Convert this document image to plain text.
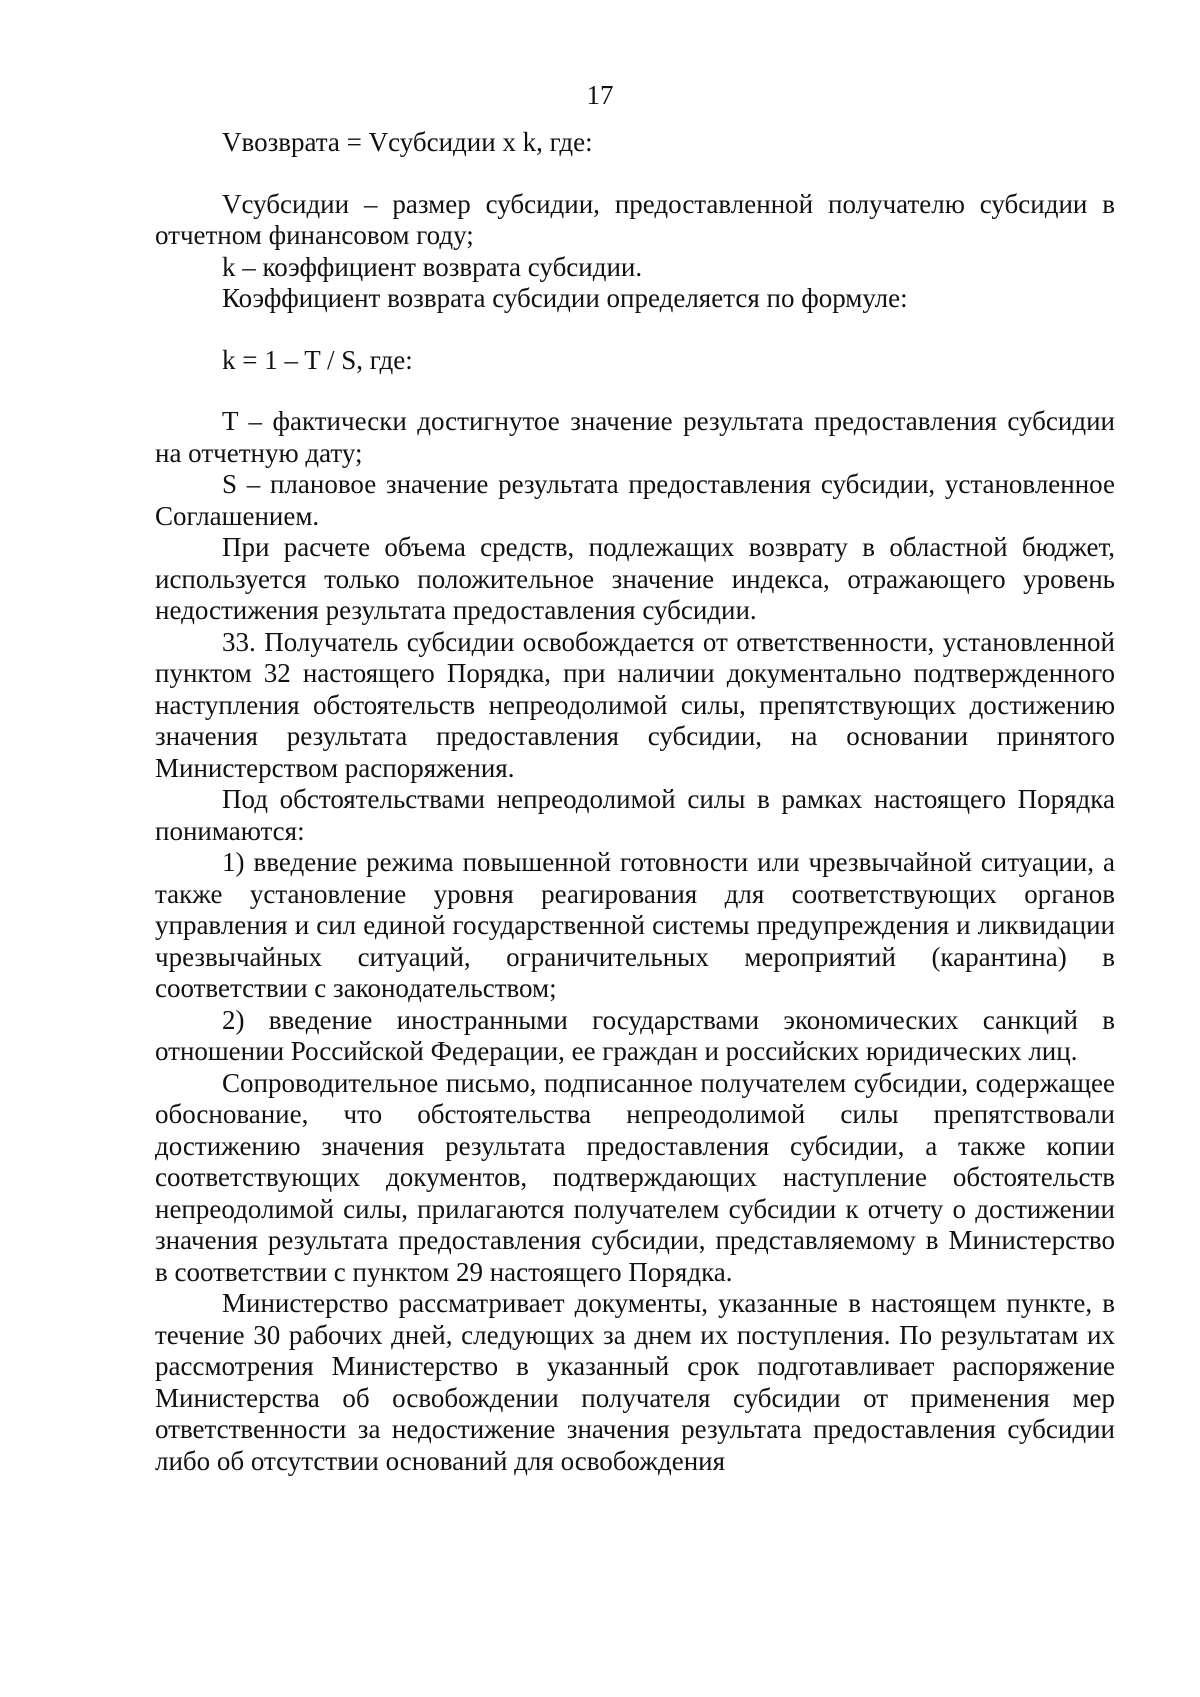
17

Vвозврата = Vсубсидии x k, где:

Vсубсидии – размер субсидии, предоставленной получателю субсидии в отчетном финансовом году;

k – коэффициент возврата субсидии.

Коэффициент возврата субсидии определяется по формуле:

k = 1 – T / S, где:

T – фактически достигнутое значение результата предоставления субсидии на отчетную дату;

S – плановое значение результата предоставления субсидии, установленное Соглашением.

При расчете объема средств, подлежащих возврату в областной бюджет, используется только положительное значение индекса, отражающего уровень недостижения результата предоставления субсидии.

33. Получатель субсидии освобождается от ответственности, установленной пунктом 32 настоящего Порядка, при наличии документально подтвержденного наступления обстоятельств непреодолимой силы, препятствующих достижению значения результата предоставления субсидии, на основании принятого Министерством распоряжения.

Под обстоятельствами непреодолимой силы в рамках настоящего Порядка понимаются:

1) введение режима повышенной готовности или чрезвычайной ситуации, а также установление уровня реагирования для соответствующих органов управления и сил единой государственной системы предупреждения и ликвидации чрезвычайных ситуаций, ограничительных мероприятий (карантина) в соответствии с законодательством;

2) введение иностранными государствами экономических санкций в отношении Российской Федерации, ее граждан и российских юридических лиц.

Сопроводительное письмо, подписанное получателем субсидии, содержащее обоснование, что обстоятельства непреодолимой силы препятствовали достижению значения результата предоставления субсидии, а также копии соответствующих документов, подтверждающих наступление обстоятельств непреодолимой силы, прилагаются получателем субсидии к отчету о достижении значения результата предоставления субсидии, представляемому в Министерство в соответствии с пунктом 29 настоящего Порядка.

Министерство рассматривает документы, указанные в настоящем пункте, в течение 30 рабочих дней, следующих за днем их поступления. По результатам их рассмотрения Министерство в указанный срок подготавливает распоряжение Министерства об освобождении получателя субсидии от применения мер ответственности за недостижение значения результата предоставления субсидии либо об отсутствии оснований для освобождения
